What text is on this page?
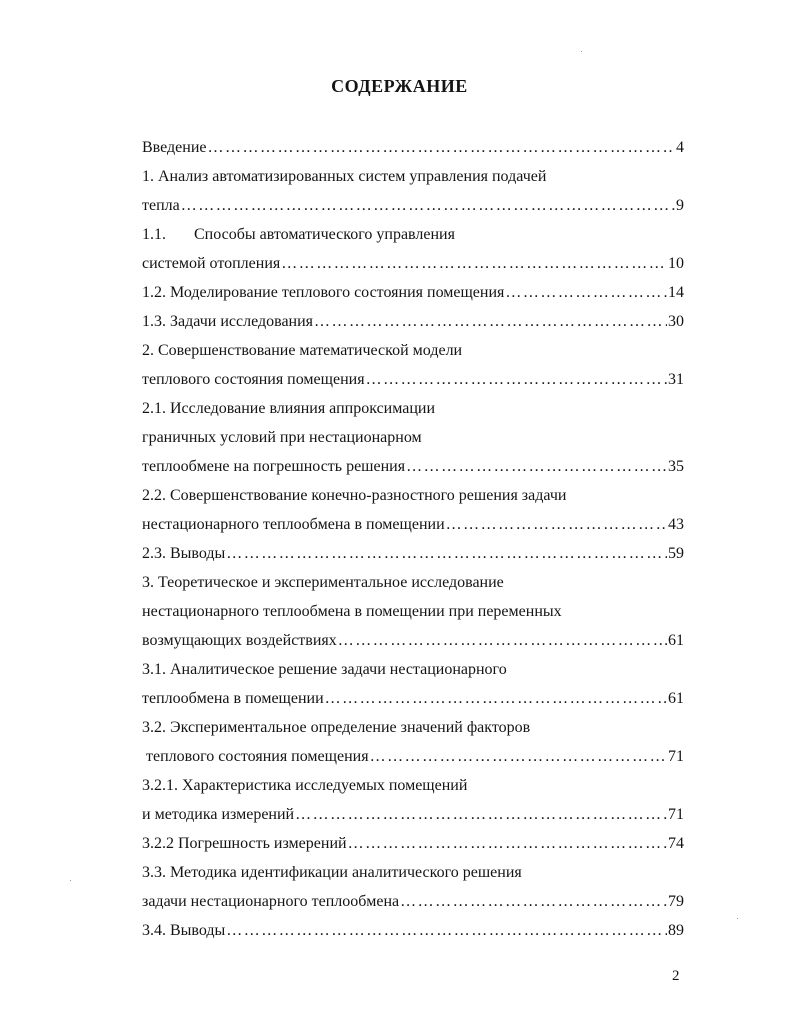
СОДЕРЖАНИЕ
Введение …………………………………………………………………………………………………………………………	4
1. Анализ автоматизированных систем управления подачей
тепла …………………………………………………………………………………………………………………………	9
1.1.       Способы автоматического управления
системой отопления …………………………………………………………………………………………………………………………	10
1.2. Моделирование теплового состояния помещения …………………………………………………………………………………………………………………………	14
1.3. Задачи исследования …………………………………………………………………………………………………………………………	30
2. Совершенствование математической модели
теплового состояния помещения …………………………………………………………………………………………………………………………	31
2.1. Исследование влияния аппроксимации
граничных условий при нестационарном
теплообмене на погрешность решения …………………………………………………………………………………………………………………………	35
2.2. Совершенствование конечно-разностного решения задачи
нестационарного теплообмена в помещении …………………………………………………………………………………………………………………………	43
2.3. Выводы …………………………………………………………………………………………………………………………	59
3. Теоретическое и экспериментальное исследование
нестационарного теплообмена в помещении при переменных
возмущающих воздействиях …………………………………………………………………………………………………………………………	61
3.1. Аналитическое решение задачи нестационарного
теплообмена в помещении …………………………………………………………………………………………………………………………	61
3.2. Экспериментальное определение значений факторов
теплового состояния помещения …………………………………………………………………………………………………………………………	71
3.2.1. Характеристика исследуемых помещений
и методика измерений …………………………………………………………………………………………………………………………	71
3.2.2 Погрешность измерений …………………………………………………………………………………………………………………………	74
3.3. Методика идентификации аналитического решения
задачи нестационарного теплообмена …………………………………………………………………………………………………………………………	79
3.4. Выводы …………………………………………………………………………………………………………………………	89
2
